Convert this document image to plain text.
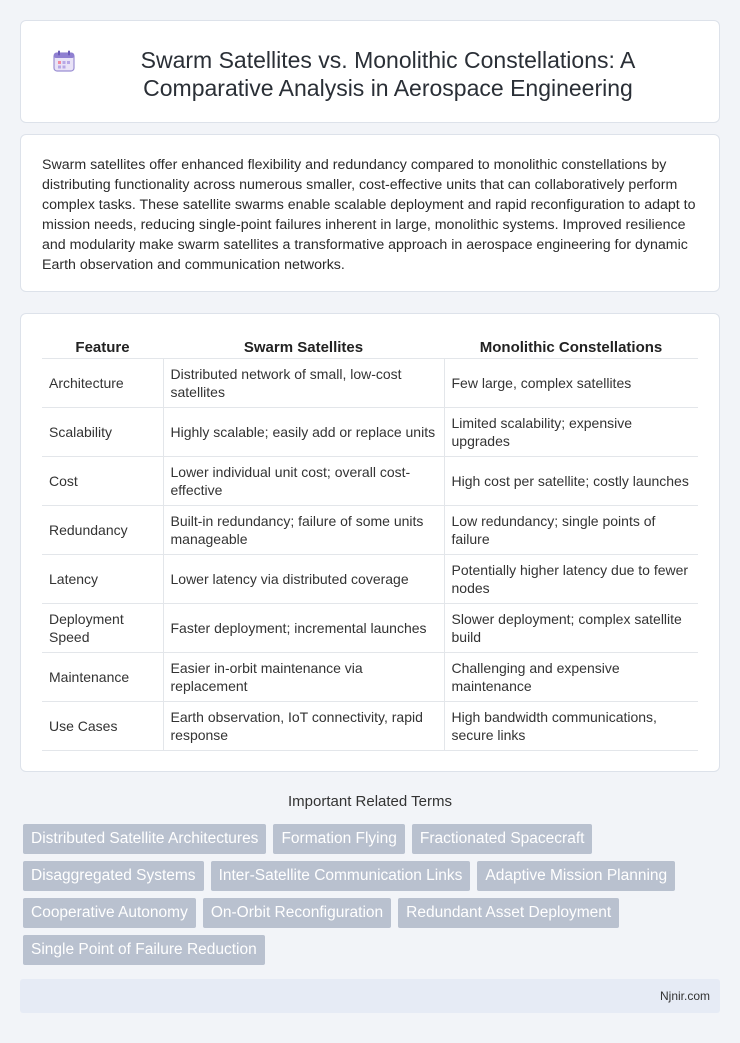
Swarm Satellites vs. Monolithic Constellations: A Comparative Analysis in Aerospace Engineering

Swarm satellites offer enhanced flexibility and redundancy compared to monolithic constellations by distributing functionality across numerous smaller, cost-effective units that can collaboratively perform complex tasks. These satellite swarms enable scalable deployment and rapid reconfiguration to adapt to mission needs, reducing single-point failures inherent in large, monolithic systems. Improved resilience and modularity make swarm satellites a transformative approach in aerospace engineering for dynamic Earth observation and communication networks.

Feature	Swarm Satellites	Monolithic Constellations
Architecture	Distributed network of small, low-cost satellites	Few large, complex satellites
Scalability	Highly scalable; easily add or replace units	Limited scalability; expensive upgrades
Cost	Lower individual unit cost; overall cost-effective	High cost per satellite; costly launches
Redundancy	Built-in redundancy; failure of some units manageable	Low redundancy; single points of failure
Latency	Lower latency via distributed coverage	Potentially higher latency due to fewer nodes
Deployment Speed	Faster deployment; incremental launches	Slower deployment; complex satellite build
Maintenance	Easier in-orbit maintenance via replacement	Challenging and expensive maintenance
Use Cases	Earth observation, IoT connectivity, rapid response	High bandwidth communications, secure links
Important Related Terms
Distributed Satellite Architectures	Formation Flying	Fractionated Spacecraft
Disaggregated Systems	Inter-Satellite Communication Links	Adaptive Mission Planning
Cooperative Autonomy	On-Orbit Reconfiguration	Redundant Asset Deployment
Single Point of Failure Reduction
Njnir.com
